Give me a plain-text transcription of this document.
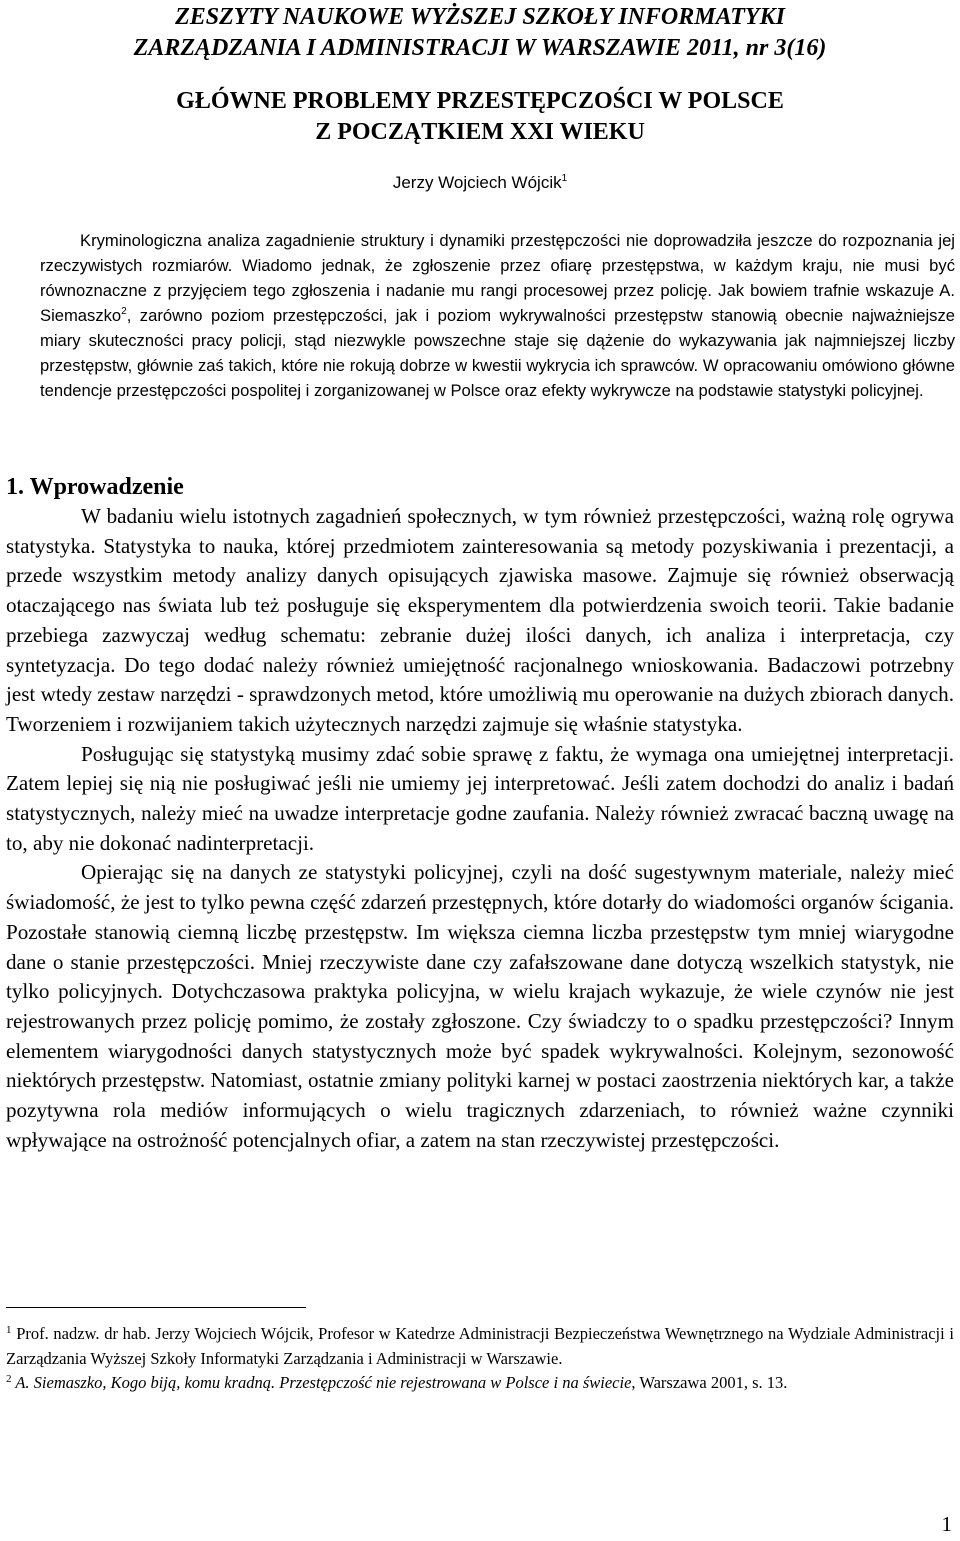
ZESZYTY NAUKOWE WYŻSZEJ SZKOŁY INFORMATYKI
ZARZĄDZANIA I ADMINISTRACJI W WARSZAWIE 2011, nr 3(16)
GŁÓWNE PROBLEMY PRZESTĘPCZOŚCI W POLSCE
Z POCZĄTKIEM XXI WIEKU
Jerzy Wojciech Wójcik$^1$

Kryminologiczna analiza zagadnienie struktury i dynamiki przestępczości nie doprowadziła jeszcze do rozpoznania jej rzeczywistych rozmiarów. Wiadomo jednak, że zgłoszenie przez ofiarę przestępstwa, w każdym kraju, nie musi być równoznaczne z przyjęciem tego zgłoszenia i nadanie mu rangi procesowej przez policję. Jak bowiem trafnie wskazuje A. Siemaszko$^2$, zarówno poziom przestępczości, jak i poziom wykrywalności przestępstw stanowią obecnie najważniejsze miary skuteczności pracy policji, stąd niezwykle powszechne staje się dążenie do wykazywania jak najmniejszej liczby przestępstw, głównie zaś takich, które nie rokują dobrze w kwestii wykrycia ich sprawców. W opracowaniu omówiono główne tendencje przestępczości pospolitej i zorganizowanej w Polsce oraz efekty wykrywcze na podstawie statystyki policyjnej.

1. Wprowadzenie

W badaniu wielu istotnych zagadnień społecznych, w tym również przestępczości, ważną rolę ogrywa statystyka. Statystyka to nauka, której przedmiotem zainteresowania są metody pozyskiwania i prezentacji, a przede wszystkim metody analizy danych opisujących zjawiska masowe. Zajmuje się również obserwacją otaczającego nas świata lub też posługuje się eksperymentem dla potwierdzenia swoich teorii. Takie badanie przebiega zazwyczaj według schematu: zebranie dużej ilości danych, ich analiza i interpretacja, czy syntetyzacja. Do tego dodać należy również umiejętność racjonalnego wnioskowania. Badaczowi potrzebny jest wtedy zestaw narzędzi - sprawdzonych metod, które umożliwią mu operowanie na dużych zbiorach danych. Tworzeniem i rozwijaniem takich użytecznych narzędzi zajmuje się właśnie statystyka.

Posługując się statystyką musimy zdać sobie sprawę z faktu, że wymaga ona umiejętnej interpretacji. Zatem lepiej się nią nie posługiwać jeśli nie umiemy jej interpretować. Jeśli zatem dochodzi do analiz i badań statystycznych, należy mieć na uwadze interpretacje godne zaufania. Należy również zwracać baczną uwagę na to, aby nie dokonać nadinterpretacji.

Opierając się na danych ze statystyki policyjnej, czyli na dość sugestywnym materiale, należy mieć świadomość, że jest to tylko pewna część zdarzeń przestępnych, które dotarły do wiadomości organów ścigania. Pozostałe stanowią ciemną liczbę przestępstw. Im większa ciemna liczba przestępstw tym mniej wiarygodne dane o stanie przestępczości. Mniej rzeczywiste dane czy zafałszowane dane dotyczą wszelkich statystyk, nie tylko policyjnych. Dotychczasowa praktyka policyjna, w wielu krajach wykazuje, że wiele czynów nie jest rejestrowanych przez policję pomimo, że zostały zgłoszone. Czy świadczy to o spadku przestępczości? Innym elementem wiarygodności danych statystycznych może być spadek wykrywalności. Kolejnym, sezonowość niektórych przestępstw. Natomiast, ostatnie zmiany polityki karnej w postaci zaostrzenia niektórych kar, a także pozytywna rola mediów informujących o wielu tragicznych zdarzeniach, to również ważne czynniki wpływające na ostrożność potencjalnych ofiar, a zatem na stan rzeczywistej przestępczości.

$^1$ Prof. nadzw. dr hab. Jerzy Wojciech Wójcik, Profesor w Katedrze Administracji Bezpieczeństwa Wewnętrznego na Wydziale Administracji i Zarządzania Wyższej Szkoły Informatyki Zarządzania i Administracji w Warszawie.

$^2$ A. Siemaszko, Kogo biją, komu kradną. Przestępczość nie rejestrowana w Polsce i na świecie, Warszawa 2001, s. 13.

1
